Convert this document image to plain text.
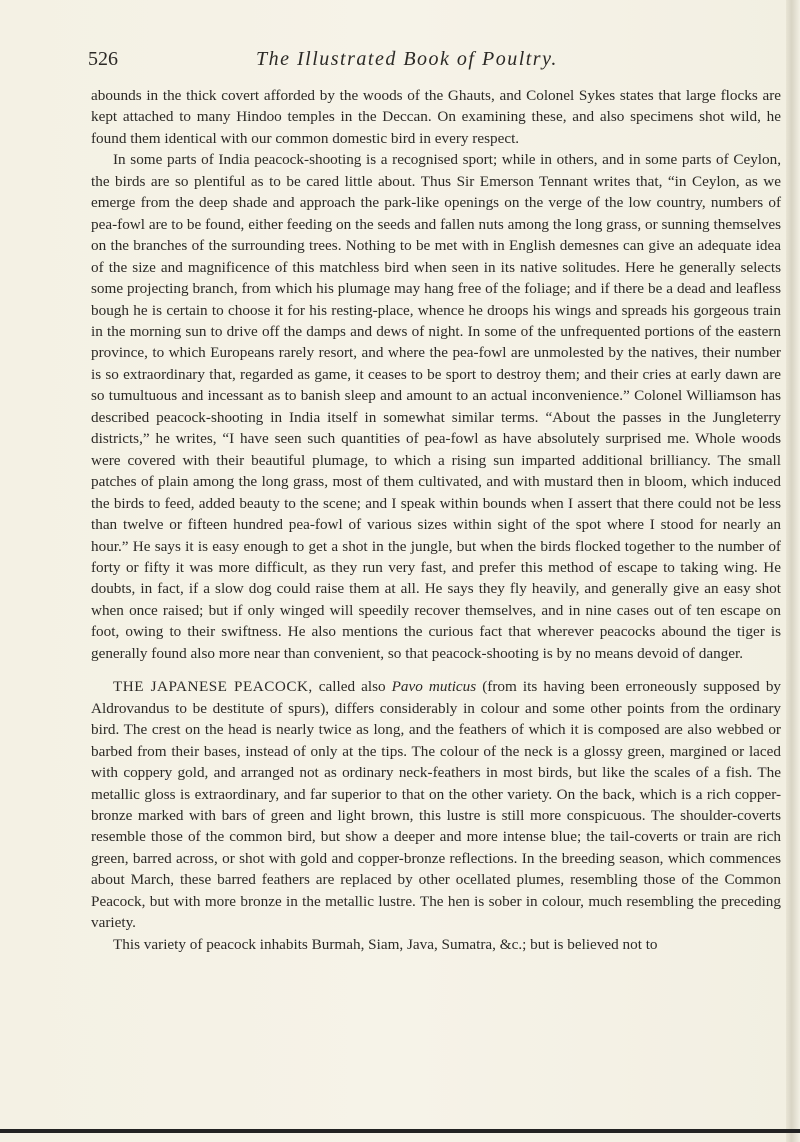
526	The Illustrated Book of Poultry.

abounds in the thick covert afforded by the woods of the Ghauts, and Colonel Sykes states that large flocks are kept attached to many Hindoo temples in the Deccan. On examining these, and also specimens shot wild, he found them identical with our common domestic bird in every respect.

In some parts of India peacock-shooting is a recognised sport; while in others, and in some parts of Ceylon, the birds are so plentiful as to be cared little about. Thus Sir Emerson Tennant writes that, “in Ceylon, as we emerge from the deep shade and approach the park-like openings on the verge of the low country, numbers of pea-fowl are to be found, either feeding on the seeds and fallen nuts among the long grass, or sunning themselves on the branches of the surrounding trees. Nothing to be met with in English demesnes can give an adequate idea of the size and magnificence of this matchless bird when seen in its native solitudes. Here he generally selects some projecting branch, from which his plumage may hang free of the foliage; and if there be a dead and leafless bough he is certain to choose it for his resting-place, whence he droops his wings and spreads his gorgeous train in the morning sun to drive off the damps and dews of night. In some of the unfrequented portions of the eastern province, to which Europeans rarely resort, and where the pea-fowl are unmolested by the natives, their number is so extraordinary that, regarded as game, it ceases to be sport to destroy them; and their cries at early dawn are so tumultuous and incessant as to banish sleep and amount to an actual inconvenience.” Colonel Williamson has described peacock-shooting in India itself in somewhat similar terms. “About the passes in the Jungleterry districts,” he writes, “I have seen such quantities of pea-fowl as have absolutely surprised me. Whole woods were covered with their beautiful plumage, to which a rising sun imparted additional brilliancy. The small patches of plain among the long grass, most of them cultivated, and with mustard then in bloom, which induced the birds to feed, added beauty to the scene; and I speak within bounds when I assert that there could not be less than twelve or fifteen hundred pea-fowl of various sizes within sight of the spot where I stood for nearly an hour.” He says it is easy enough to get a shot in the jungle, but when the birds flocked together to the number of forty or fifty it was more difficult, as they run very fast, and prefer this method of escape to taking wing. He doubts, in fact, if a slow dog could raise them at all. He says they fly heavily, and generally give an easy shot when once raised; but if only winged will speedily recover themselves, and in nine cases out of ten escape on foot, owing to their swiftness. He also mentions the curious fact that wherever peacocks abound the tiger is generally found also more near than convenient, so that peacock-shooting is by no means devoid of danger.

THE JAPANESE PEACOCK, called also Pavo muticus (from its having been erroneously supposed by Aldrovandus to be destitute of spurs), differs considerably in colour and some other points from the ordinary bird. The crest on the head is nearly twice as long, and the feathers of which it is composed are also webbed or barbed from their bases, instead of only at the tips. The colour of the neck is a glossy green, margined or laced with coppery gold, and arranged not as ordinary neck-feathers in most birds, but like the scales of a fish. The metallic gloss is extraordinary, and far superior to that on the other variety. On the back, which is a rich copper-bronze marked with bars of green and light brown, this lustre is still more conspicuous. The shoulder-coverts resemble those of the common bird, but show a deeper and more intense blue; the tail-coverts or train are rich green, barred across, or shot with gold and copper-bronze reflections. In the breeding season, which commences about March, these barred feathers are replaced by other ocellated plumes, resembling those of the Common Peacock, but with more bronze in the metallic lustre. The hen is sober in colour, much resembling the preceding variety.

This variety of peacock inhabits Burmah, Siam, Java, Sumatra, &c.; but is believed not to
